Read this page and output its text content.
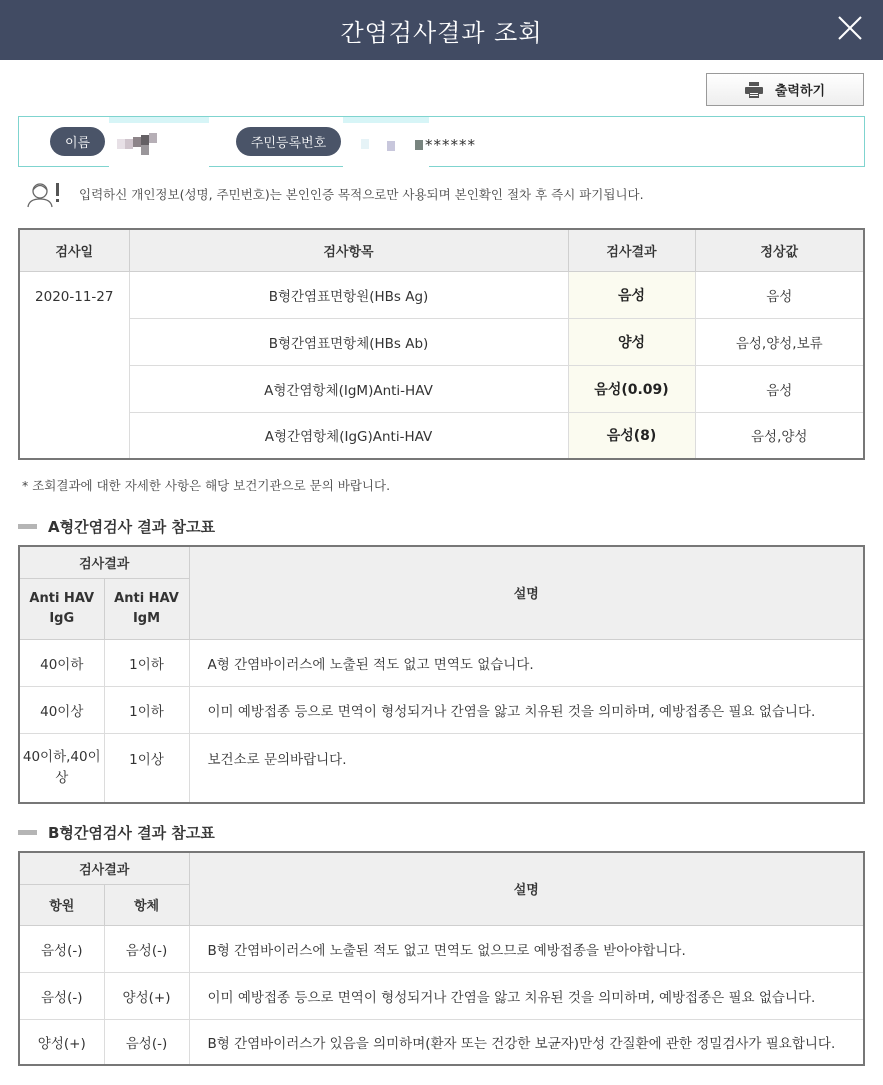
간염검사결과 조회
출력하기
이름	주민등록번호	******
입력하신 개인정보(성명, 주민번호)는 본인인증 목적으로만 사용되며 본인확인 절차 후 즉시 파기됩니다.
검사일	검사항목	검사결과	정상값
2020-11-27	B형간염표면항원(HBs Ag)	음성	음성
	B형간염표면항체(HBs Ab)	양성	음성,양성,보류
	A형간염항체(IgM)Anti-HAV	음성(0.09)	음성
	A형간염항체(IgG)Anti-HAV	음성(8)	음성,양성
* 조회결과에 대한 자세한 사항은 해당 보건기관으로 문의 바랍니다.
A형간염검사 결과 참고표
검사결과		설명
Anti HAV IgG	Anti HAV IgM	
40이하	1이하	A형 간염바이러스에 노출된 적도 없고 면역도 없습니다.
40이상	1이하	이미 예방접종 등으로 면역이 형성되거나 간염을 앓고 치유된 것을 의미하며, 예방접종은 필요 없습니다.
40이하,40이상	1이상	보건소로 문의바랍니다.
B형간염검사 결과 참고표
검사결과		설명
항원	항체	
음성(-)	음성(-)	B형 간염바이러스에 노출된 적도 없고 면역도 없으므로 예방접종을 받아야합니다.
음성(-)	양성(+)	이미 예방접종 등으로 면역이 형성되거나 간염을 앓고 치유된 것을 의미하며, 예방접종은 필요 없습니다.
양성(+)	음성(-)	B형 간염바이러스가 있음을 의미하며(환자 또는 건강한 보균자)만성 간질환에 관한 정밀검사가 필요합니다.
